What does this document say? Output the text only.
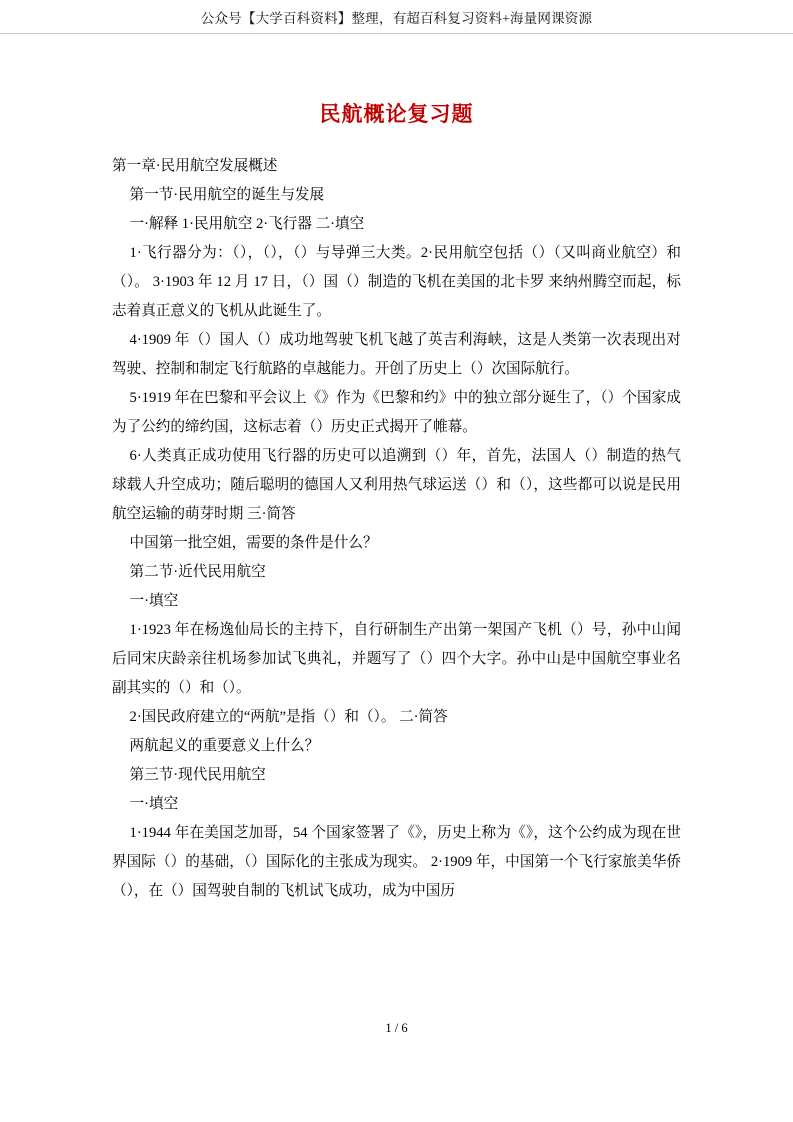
公众号【大学百科资料】整理，有超百科复习资料+海量网课资源
民航概论复习题

第一章·民用航空发展概述

第一节·民用航空的诞生与发展

一·解释 1·民用航空 2·飞行器 二·填空

1·飞行器分为：（），（），（）与导弹三大类。2·民用航空包括（）（又叫商业航空）和（）。 3·1903 年 12 月 17 日，（）国（）制造的飞机在美国的北卡罗 来纳州腾空而起，标志着真正意义的飞机从此诞生了。

4·1909 年（）国人（）成功地驾驶飞机飞越了英吉利海峡，这是人类第一次表现出对驾驶、控制和制定飞行航路的卓越能力。开创了历史上（）次国际航行。

5·1919 年在巴黎和平会议上《》作为《巴黎和约》中的独立部分诞生了，（）个国家成为了公约的缔约国，这标志着（）历史正式揭开了帷幕。

6·人类真正成功使用飞行器的历史可以追溯到（）年，首先，法国人（）制造的热气球载人升空成功；随后聪明的德国人又利用热气球运送（）和（），这些都可以说是民用航空运输的萌芽时期 三·简答

中国第一批空姐，需要的条件是什么？

第二节·近代民用航空

一·填空

1·1923 年在杨逸仙局长的主持下，自行研制生产出第一架国产飞机（）号，孙中山闻后同宋庆龄亲往机场参加试飞典礼，并题写了（）四个大字。孙中山是中国航空事业名副其实的（）和（）。

2·国民政府建立的“两航”是指（）和（）。 二·简答

两航起义的重要意义上什么？

第三节·现代民用航空

一·填空

1·1944 年在美国芝加哥，54 个国家签署了《》，历史上称为《》，这个公约成为现在世界国际（）的基础，（）国际化的主张成为现实。 2·1909 年，中国第一个飞行家旅美华侨（），在（）国驾驶自制的飞机试飞成功，成为中国历

1 / 6
